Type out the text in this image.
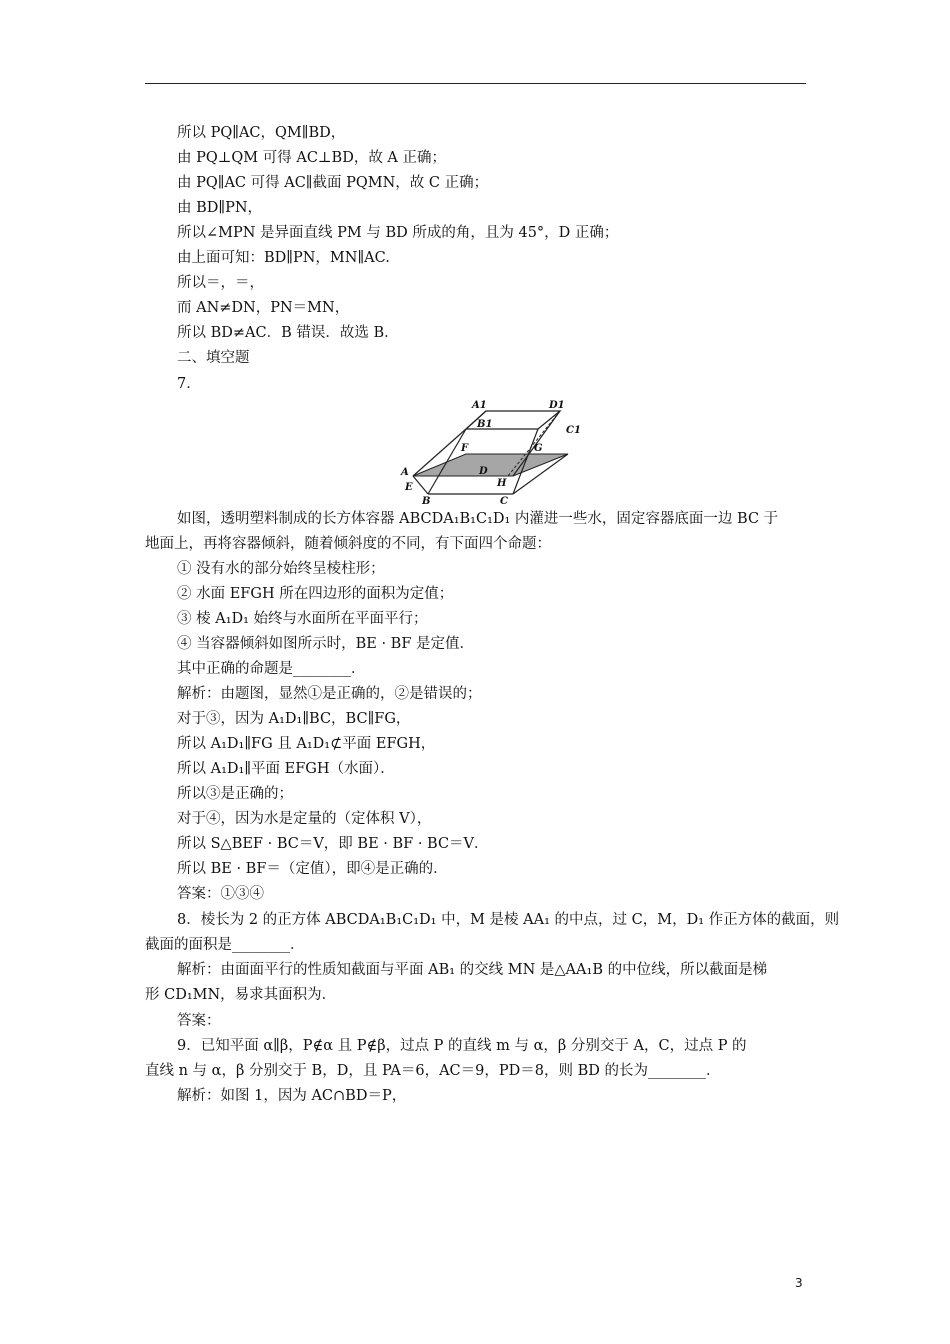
所以 PQ∥AC，QM∥BD，
由 PQ⊥QM 可得 AC⊥BD，故 A 正确；
由 PQ∥AC 可得 AC∥截面 PQMN，故 C 正确；
由 BD∥PN，
所以∠MPN 是异面直线 PM 与 BD 所成的角，且为 45°，D 正确；
由上面可知：BD∥PN，MN∥AC.
所以＝，＝，
而 AN≠DN，PN＝MN，
所以 BD≠AC．B 错误．故选 B．
二、填空题
7．
A1	D1
B1
C1
F	G
D
A
E	H
B	C
如图，透明塑料制成的长方体容器 ABCDA₁B₁C₁D₁ 内灌进一些水，固定容器底面一边 BC 于
地面上，再将容器倾斜，随着倾斜度的不同，有下面四个命题：
① 没有水的部分始终呈棱柱形；
② 水面 EFGH 所在四边形的面积为定值；
③ 棱 A₁D₁ 始终与水面所在平面平行；
④ 当容器倾斜如图所示时，BE · BF 是定值．
其中正确的命题是________．
解析：由题图，显然①是正确的，②是错误的；
对于③，因为 A₁D₁∥BC，BC∥FG，
所以 A₁D₁∥FG 且 A₁D₁⊄平面 EFGH，
所以 A₁D₁∥平面 EFGH（水面）．
所以③是正确的；
对于④，因为水是定量的（定体积 V），
所以 S△BEF · BC＝V，即 BE · BF · BC＝V．
所以 BE · BF＝（定值），即④是正确的．
答案：①③④
8．棱长为 2 的正方体 ABCDA₁B₁C₁D₁ 中，M 是棱 AA₁ 的中点，过 C，M，D₁ 作正方体的截面，则
截面的面积是________．
解析：由面面平行的性质知截面与平面 AB₁ 的交线 MN 是△AA₁B 的中位线，所以截面是梯
形 CD₁MN，易求其面积为．
答案：
9．已知平面 α∥β，P∉α 且 P∉β，过点 P 的直线 m 与 α，β 分别交于 A，C，过点 P 的
直线 n 与 α，β 分别交于 B，D，且 PA＝6，AC＝9，PD＝8，则 BD 的长为________．
解析：如图 1，因为 AC∩BD＝P，
3
